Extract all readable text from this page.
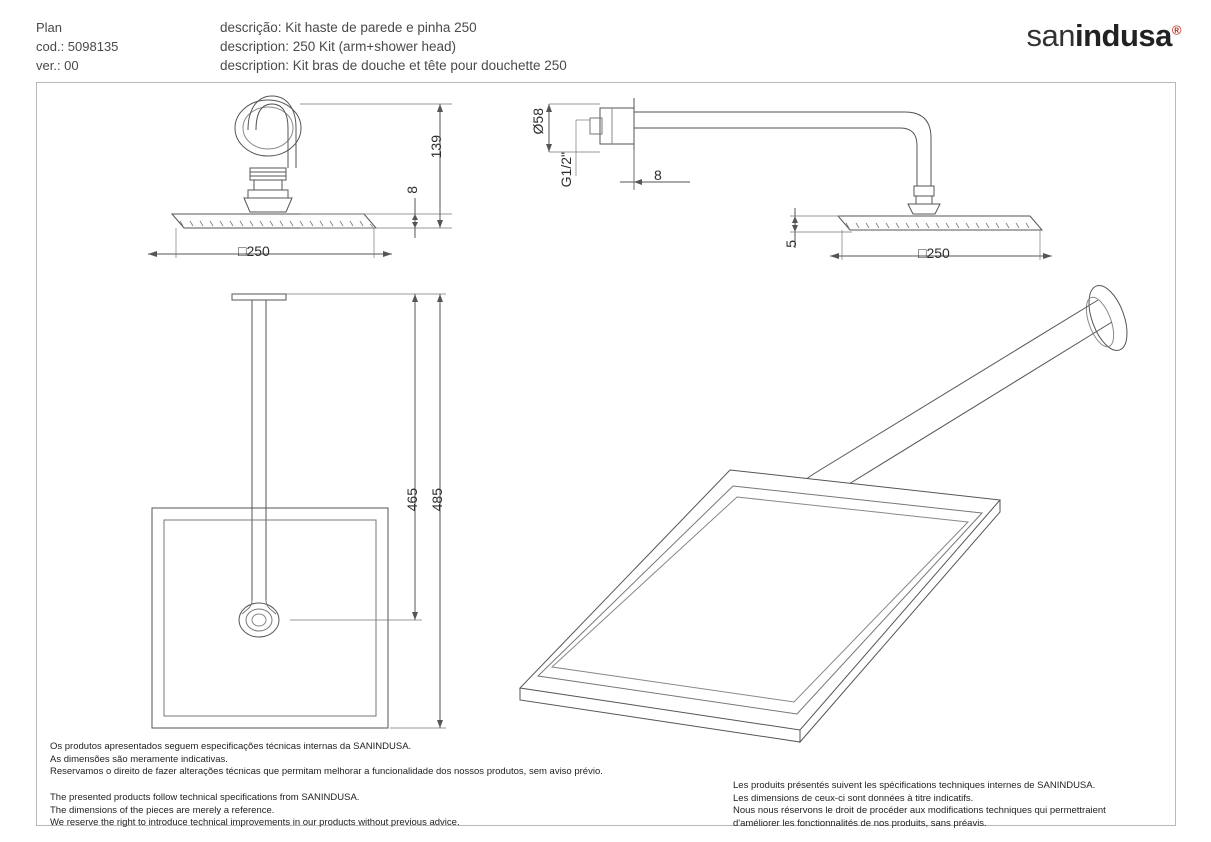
Plan
cod.: 5098135
ver.: 00
descrição: Kit haste de parede e pinha 250
description: 250 Kit (arm+shower head)
description: Kit bras de douche et tête pour douchette 250
sanindusa®
139
8
□250
Ø58
G1/2"	8
5
□250
465 485
Os produtos apresentados seguem especificações técnicas internas da SANINDUSA.
As dimensões são meramente indicativas.
Reservamos o direito de fazer alterações técnicas que permitam melhorar a funcionalidade dos nossos produtos, sem aviso prévio.
The presented products follow technical specifications from SANINDUSA.
The dimensions of the pieces are merely a reference.
We reserve the right to introduce technical improvements in our products without previous advice.
Les produits présentés suivent les spécifications techniques internes de SANINDUSA.
Les dimensions de ceux-ci sont données à titre indicatifs.
Nous nous réservons le droit de procéder aux modifications techniques qui permettraient
d'améliorer les fonctionnalités de nos produits, sans préavis.
